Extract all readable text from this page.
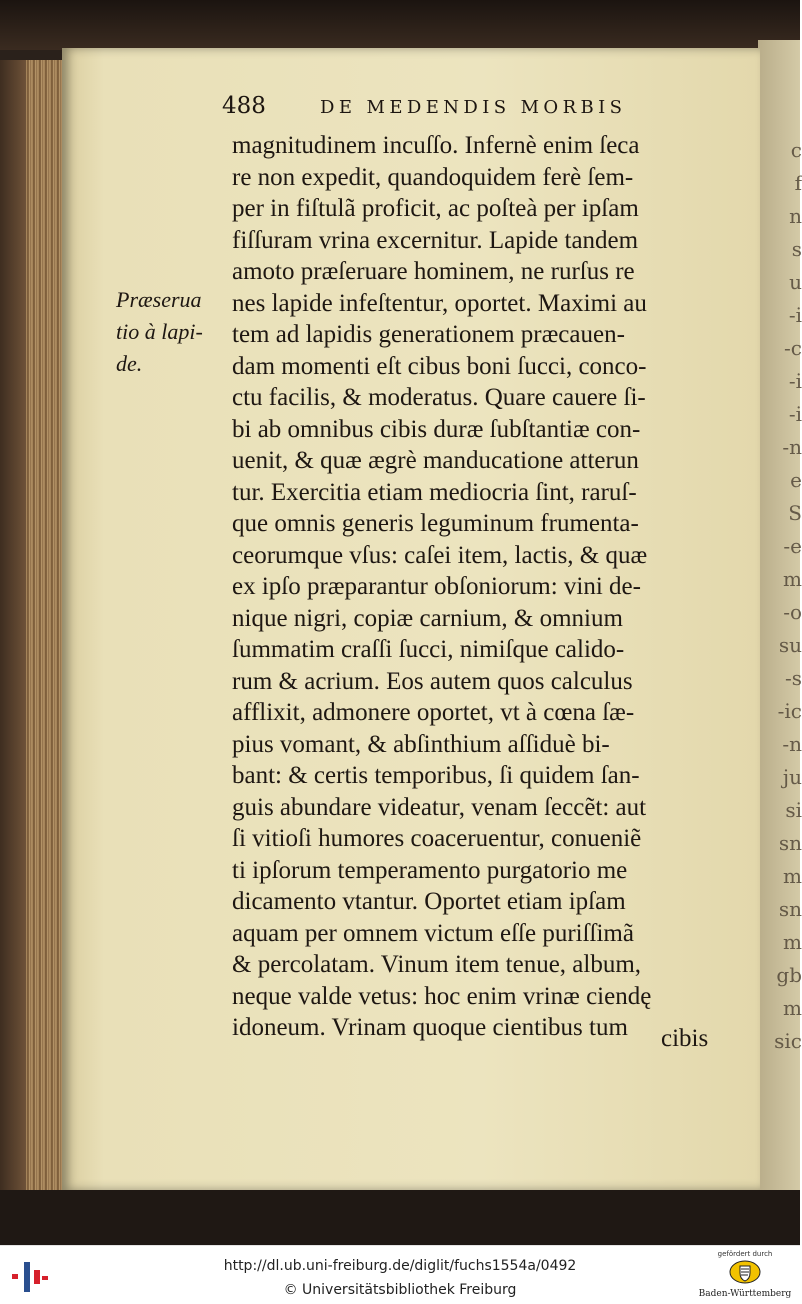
c
f
n
s
u
-i
-c
-i
-i
-n
e
S
-e
m
-o
su
-s
-ic
-n
ju
si
sn
m
sn
m
gb
m
sic
488	DE MEDENDIS MORBIS
Præserua
tio à lapi-
de.
magnitudinem incuſſo. Infernè enim ſeca
re non expedit, quandoquidem ferè ſem-
per in fiſtulã proficit, ac poſteà per ipſam
fiſſuram vrina excernitur. Lapide tandem
amoto præſeruare hominem, ne rurſus re
nes lapide infeſtentur, oportet. Maximi au
tem ad lapidis generationem præcauen-
dam momenti eſt cibus boni ſucci, conco-
ctu facilis, & moderatus. Quare cauere ſi-
bi ab omnibus cibis duræ ſubſtantiæ con-
uenit, & quæ ægrè manducatione atterun
tur. Exercitia etiam mediocria ſint, raruſ-
que omnis generis leguminum frumenta-
ceorumque vſus: caſei item, lactis, & quæ
ex ipſo præparantur obſoniorum: vini de-
nique nigri, copiæ carnium, & omnium
ſummatim craſſi ſucci, nimiſque calido-
rum & acrium. Eos autem quos calculus
afflixit, admonere oportet, vt à cœna ſæ-
pius vomant, & abſinthium aſſiduè bi-
bant: & certis temporibus, ſi quidem ſan-
guis abundare videatur, venam ſeccẽt: aut
ſi vitioſi humores coaceruentur, conueniẽ
ti ipſorum temperamento purgatorio me
dicamento vtantur. Oportet etiam ipſam
aquam per omnem victum eſſe puriſſimã
& percolatam. Vinum item tenue, album,
neque valde vetus: hoc enim vrinæ ciendę
idoneum. Vrinam quoque cientibus tum	cibis
http://dl.ub.uni-freiburg.de/diglit/fuchs1554a/0492
© Universitätsbibliothek Freiburg
gefördert durch
Baden-Württemberg
